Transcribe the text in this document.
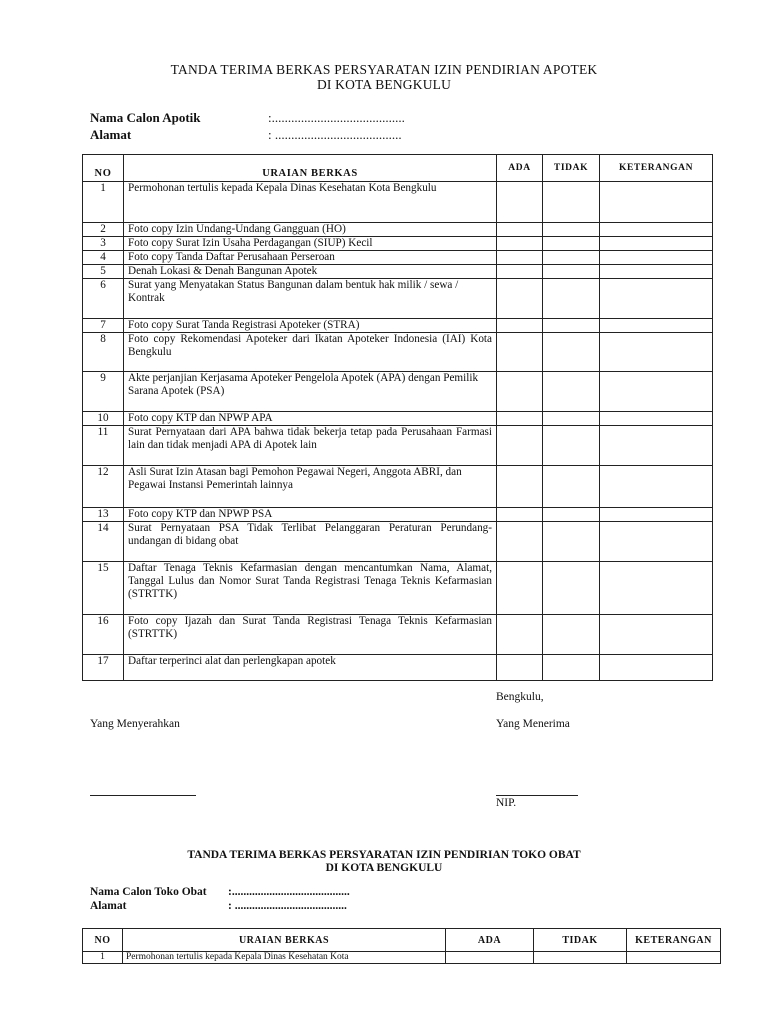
TANDA TERIMA BERKAS PERSYARATAN IZIN PENDIRIAN APOTEK
DI KOTA BENGKULU
Nama Calon Apotik	:.........................................
Alamat	: .......................................
NO	URAIAN BERKAS	ADA	TIDAK	KETERANGAN
1	Permohonan tertulis kepada Kepala Dinas Kesehatan Kota Bengkulu			
2	Foto copy Izin Undang-Undang Gangguan (HO)			
3	Foto copy Surat Izin Usaha Perdagangan (SIUP) Kecil			
4	Foto copy Tanda Daftar Perusahaan Perseroan			
5	Denah Lokasi & Denah Bangunan Apotek			
6	Surat yang Menyatakan Status Bangunan dalam bentuk hak milik / sewa / Kontrak			
7	Foto copy Surat Tanda Registrasi Apoteker (STRA)			
8	Foto copy Rekomendasi Apoteker dari Ikatan Apoteker Indonesia (IAI) Kota Bengkulu			
9	Akte perjanjian Kerjasama Apoteker Pengelola Apotek (APA) dengan Pemilik Sarana Apotek (PSA)			
10	Foto copy KTP dan NPWP APA			
11	Surat Pernyataan dari APA bahwa tidak bekerja tetap pada Perusahaan Farmasi lain dan tidak menjadi APA di Apotek lain			
12	Asli Surat Izin Atasan bagi Pemohon Pegawai Negeri, Anggota ABRI, dan Pegawai Instansi Pemerintah lainnya			
13	Foto copy KTP dan NPWP PSA			
14	Surat Pernyataan PSA Tidak Terlibat Pelanggaran Peraturan Perundang-undangan di bidang obat			
15	Daftar Tenaga Teknis Kefarmasian dengan mencantumkan Nama, Alamat, Tanggal Lulus dan Nomor Surat Tanda Registrasi Tenaga Teknis Kefarmasian (STRTTK)			
16	Foto copy Ijazah dan Surat Tanda Registrasi Tenaga Teknis Kefarmasian (STRTTK)			
17	Daftar terperinci alat dan perlengkapan apotek			
Bengkulu,
Yang Menyerahkan	Yang Menerima
NIP.
TANDA TERIMA BERKAS PERSYARATAN IZIN PENDIRIAN TOKO OBAT
DI KOTA BENGKULU
Nama Calon Toko Obat :.........................................
Alamat	: .......................................
NO	URAIAN BERKAS	ADA	TIDAK	KETERANGAN
1	Permohonan tertulis kepada Kepala Dinas Kesehatan Kota			
